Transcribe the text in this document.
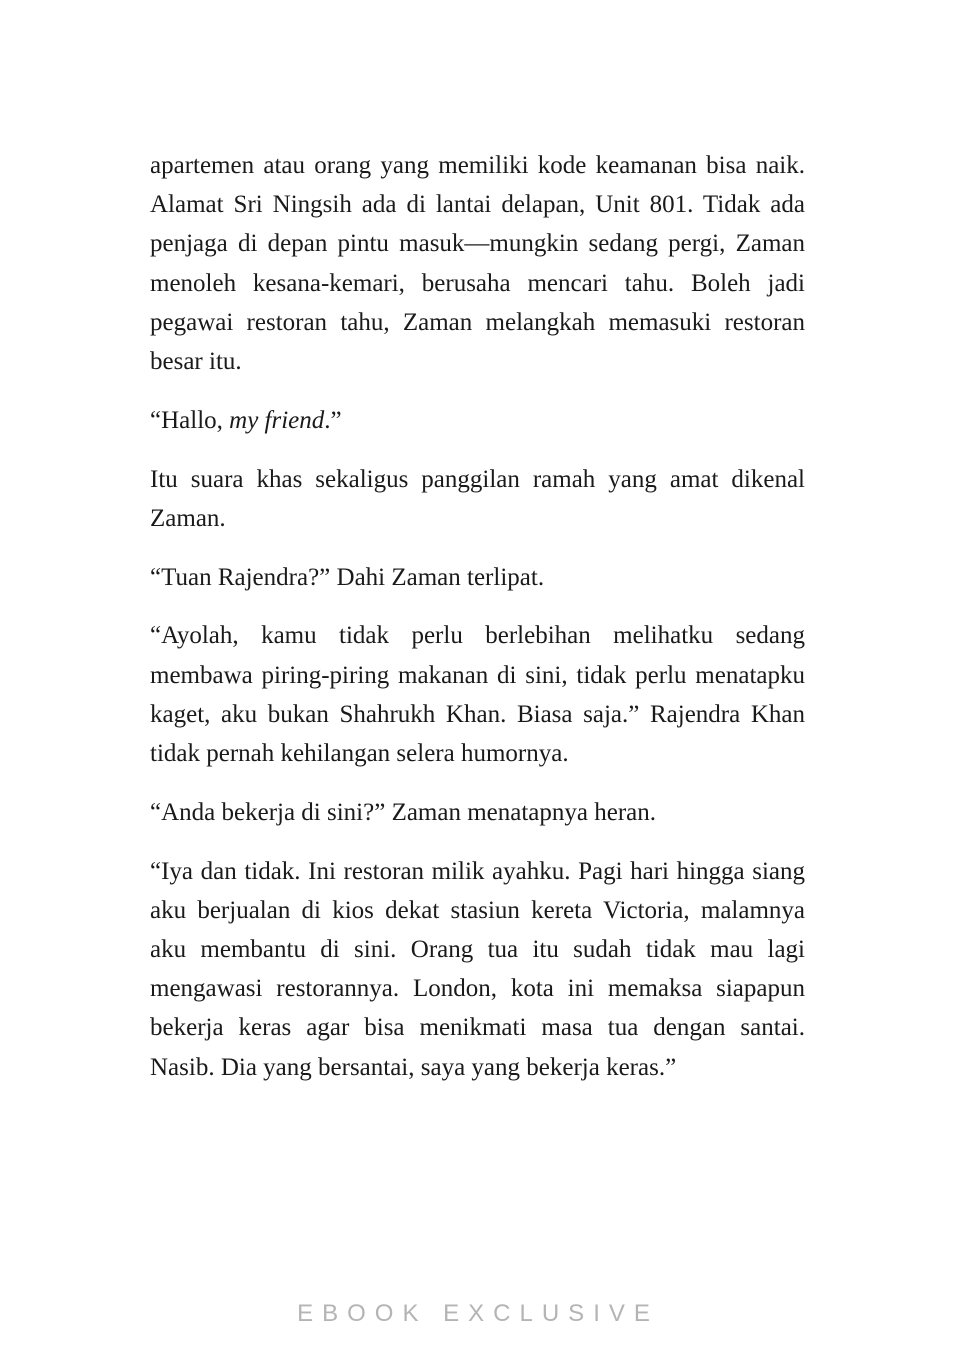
apartemen atau orang yang memiliki kode keamanan bisa naik. Alamat Sri Ningsih ada di lantai delapan, Unit 801. Tidak ada penjaga di depan pintu masuk—mungkin sedang pergi, Zaman menoleh kesana-kemari, berusaha mencari tahu. Boleh jadi pegawai restoran tahu, Zaman melangkah memasuki restoran besar itu.

“Hallo, my friend.”

Itu suara khas sekaligus panggilan ramah yang amat dikenal Zaman.

“Tuan Rajendra?” Dahi Zaman terlipat.

“Ayolah, kamu tidak perlu berlebihan melihatku sedang membawa piring-piring makanan di sini, tidak perlu menatapku kaget, aku bukan Shahrukh Khan. Biasa saja.” Rajendra Khan tidak pernah kehilangan selera humornya.

“Anda bekerja di sini?” Zaman menatapnya heran.

“Iya dan tidak. Ini restoran milik ayahku. Pagi hari hingga siang aku berjualan di kios dekat stasiun kereta Victoria, malamnya aku membantu di sini. Orang tua itu sudah tidak mau lagi mengawasi restorannya. London, kota ini memaksa siapapun bekerja keras agar bisa menikmati masa tua dengan santai. Nasib. Dia yang bersantai, saya yang bekerja keras.”

EBOOK EXCLUSIVE
